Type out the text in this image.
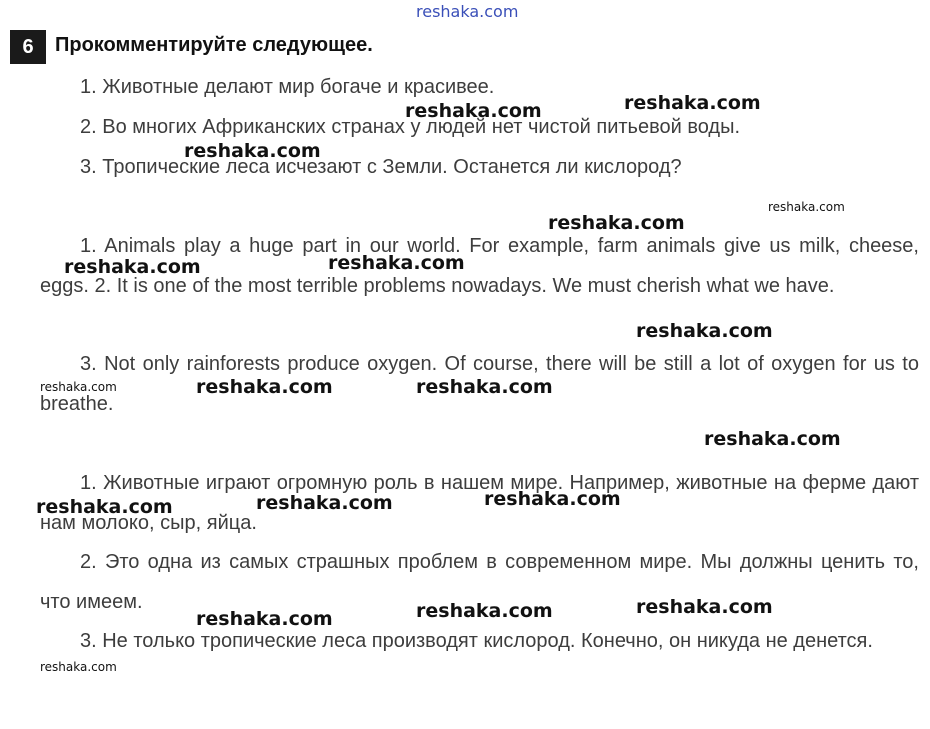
reshaka.com
6	Прокомментируйте следующее.
1. Животные делают мир богаче и красивее.
2. Во многих Африканских странах у людей нет чистой питьевой воды.
3. Тропические леса исчезают с Земли. Останется ли кислород?
1. Animals play a huge part in our world. For example, farm animals give us milk, cheese, eggs. 2. It is one of the most terrible problems nowadays. We must cherish what we have.
3. Not only rainforests produce oxygen. Of course, there will be still a lot of oxygen for us to breathe.
1. Животные играют огромную роль в нашем мире. Например, животные на ферме дают нам молоко, сыр, яйца.
2. Это одна из самых страшных проблем в современном мире. Мы должны ценить то, что имеем.
3. Не только тропические леса производят кислород. Конечно, он никуда не денется.
reshaka.com	reshaka.com
reshaka.com
reshaka.com
reshaka.com
reshaka.com	reshaka.com
reshaka.com
reshaka.com	reshaka.com	reshaka.com
reshaka.com
reshaka.com	reshaka.com	reshaka.com
reshaka.com	reshaka.com	reshaka.com
reshaka.com
